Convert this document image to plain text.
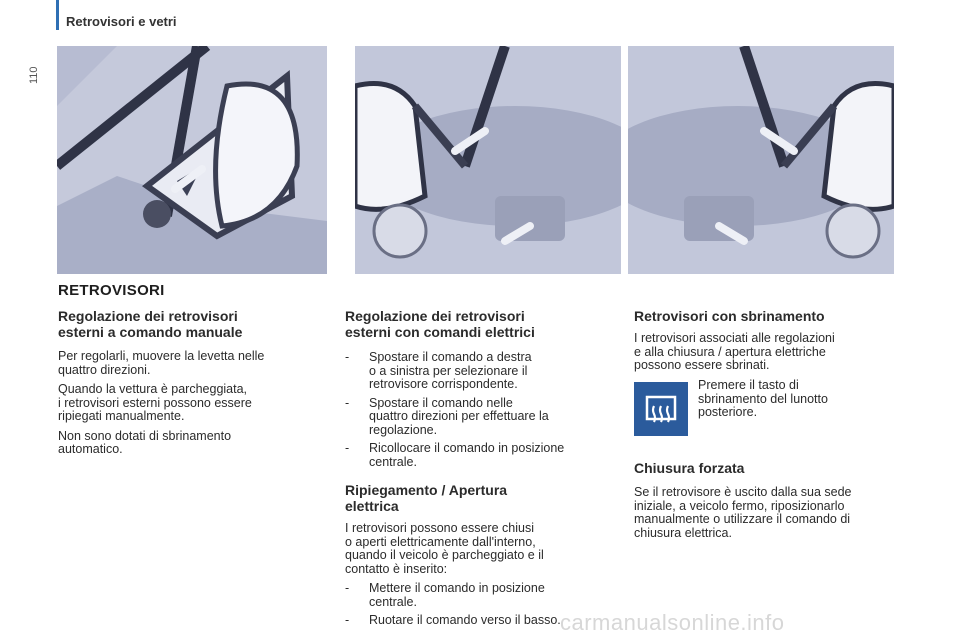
Retrovisori e vetri
110
RETROVISORI
Regolazione dei retrovisori
esterni a comando manuale
Per regolarli, muovere la levetta nelle
quattro direzioni.
Quando la vettura è parcheggiata,
i retrovisori esterni possono essere
ripiegati manualmente.
Non sono dotati di sbrinamento
automatico.
Regolazione dei retrovisori
esterni con comandi elettrici
- Spostare il comando a destra
o a sinistra per selezionare il
retrovisore corrispondente.
- Spostare il comando nelle
quattro direzioni per effettuare la
regolazione.
- Ricollocare il comando in posizione
centrale.
Ripiegamento / Apertura
elettrica
I retrovisori possono essere chiusi
o aperti elettricamente dall'interno,
quando il veicolo è parcheggiato e il
contatto è inserito:
- Mettere il comando in posizione
centrale.
- Ruotare il comando verso il basso.
Retrovisori con sbrinamento
I retrovisori associati alle regolazioni
e alla chiusura / apertura elettriche
possono essere sbrinati.
Premere il tasto di
sbrinamento del lunotto
posteriore.
Chiusura forzata
Se il retrovisore è uscito dalla sua sede
iniziale, a veicolo fermo, riposizionarlo
manualmente o utilizzare il comando di
chiusura elettrica.
carmanualsonline.info
